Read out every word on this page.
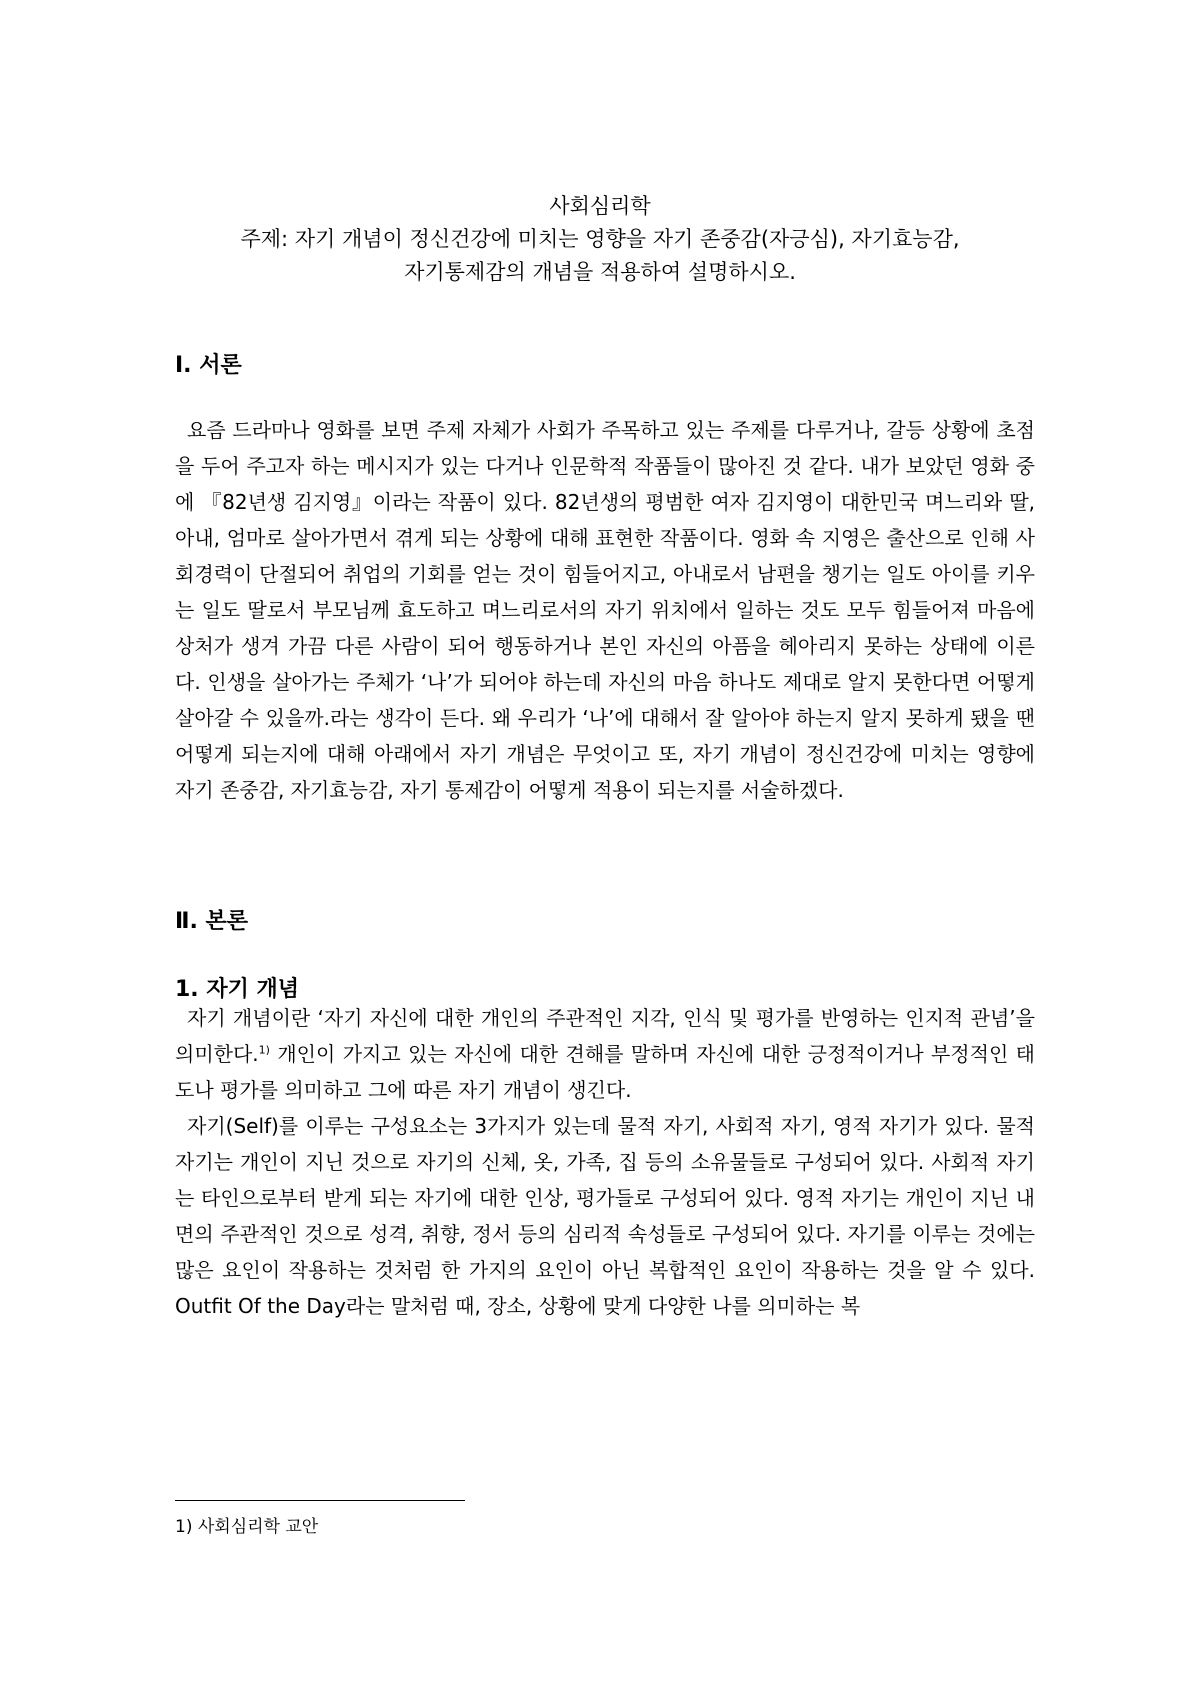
사회심리학
주제: 자기 개념이 정신건강에 미치는 영향을 자기 존중감(자긍심), 자기효능감,
자기통제감의 개념을 적용하여 설명하시오.
Ⅰ. 서론

요즘 드라마나 영화를 보면 주제 자체가 사회가 주목하고 있는 주제를 다루거나, 갈등 상황에 초점을 두어 주고자 하는 메시지가 있는 다거나 인문학적 작품들이 많아진 것 같다. 내가 보았던 영화 중에 『82년생 김지영』이라는 작품이 있다. 82년생의 평범한 여자 김지영이 대한민국 며느리와 딸, 아내, 엄마로 살아가면서 겪게 되는 상황에 대해 표현한 작품이다. 영화 속 지영은 출산으로 인해 사회경력이 단절되어 취업의 기회를 얻는 것이 힘들어지고, 아내로서 남편을 챙기는 일도 아이를 키우는 일도 딸로서 부모님께 효도하고 며느리로서의 자기 위치에서 일하는 것도 모두 힘들어져 마음에 상처가 생겨 가끔 다른 사람이 되어 행동하거나 본인 자신의 아픔을 헤아리지 못하는 상태에 이른다. 인생을 살아가는 주체가 ‘나’가 되어야 하는데 자신의 마음 하나도 제대로 알지 못한다면 어떻게 살아갈 수 있을까.라는 생각이 든다. 왜 우리가 ‘나’에 대해서 잘 알아야 하는지 알지 못하게 됐을 땐 어떻게 되는지에 대해 아래에서 자기 개념은 무엇이고 또, 자기 개념이 정신건강에 미치는 영향에 자기 존중감, 자기효능감, 자기 통제감이 어떻게 적용이 되는지를 서술하겠다.

Ⅱ. 본론
1. 자기 개념

자기 개념이란 ‘자기 자신에 대한 개인의 주관적인 지각, 인식 및 평가를 반영하는 인지적 관념’을 의미한다.$^{1)}$ 개인이 가지고 있는 자신에 대한 견해를 말하며 자신에 대한 긍정적이거나 부정적인 태도나 평가를 의미하고 그에 따른 자기 개념이 생긴다.

자기(Self)를 이루는 구성요소는 3가지가 있는데 물적 자기, 사회적 자기, 영적 자기가 있다. 물적 자기는 개인이 지닌 것으로 자기의 신체, 옷, 가족, 집 등의 소유물들로 구성되어 있다. 사회적 자기는 타인으로부터 받게 되는 자기에 대한 인상, 평가들로 구성되어 있다. 영적 자기는 개인이 지닌 내면의 주관적인 것으로 성격, 취향, 정서 등의 심리적 속성들로 구성되어 있다. 자기를 이루는 것에는 많은 요인이 작용하는 것처럼 한 가지의 요인이 아닌 복합적인 요인이 작용하는 것을 알 수 있다. Outfit Of the Day라는 말처럼 때, 장소, 상황에 맞게 다양한 나를 의미하는 복

1) 사회심리학 교안
